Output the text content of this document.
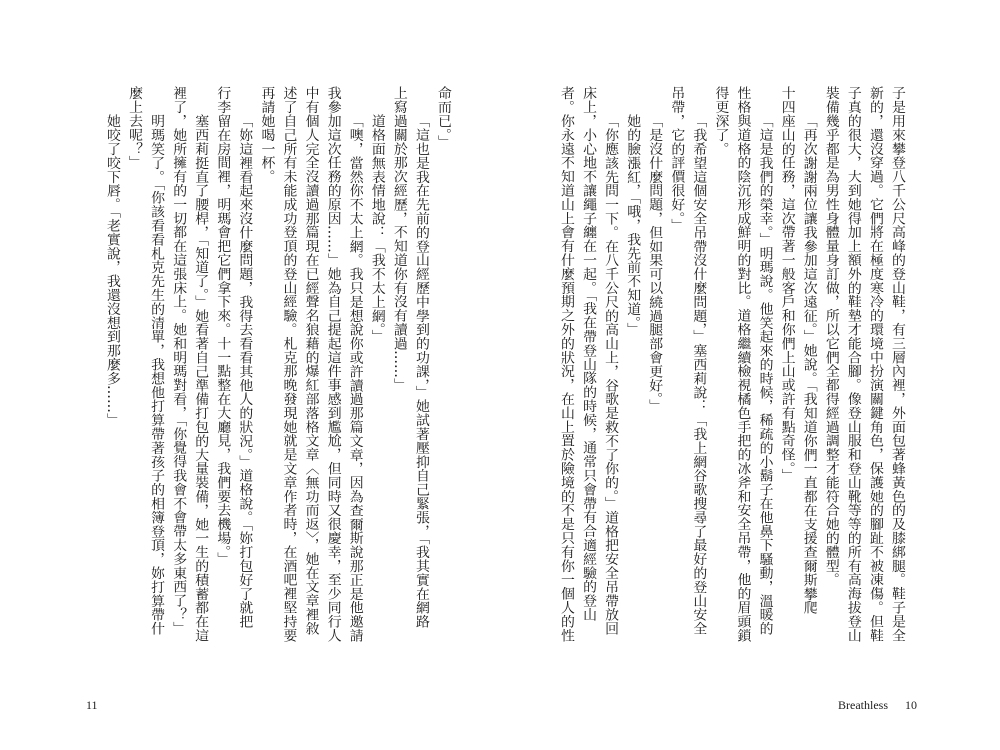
11
命而已。」
「這也是我在先前的登山經歷中學到的功課，」她試著壓抑自己緊張，「我其實在網路
上寫過關於那次經歷，不知道你有沒有讀過……」
道格面無表情地說：「我不太上網。」
「噢，當然你不太上網。我只是想說你或許讀過那篇文章，因為查爾斯說那正是他邀請
我參加這次任務的原因……」她為自己提起這件事感到尷尬，但同時又很慶幸，至少同行人
中有個人完全沒讀過那篇現在已經聲名狼藉的爆紅部落格文章〈無功而返〉，她在文章裡敘
述了自己所有未能成功登頂的登山經驗。札克那晚發現她就是文章作者時，在酒吧裡堅持要
再請她喝一杯。
「妳這裡看起來沒什麼問題，我得去看看其他人的狀況。」道格說。「妳打包好了就把
行李留在房間裡，明瑪會把它們拿下來。十一點整在大廳見，我們要去機場。」
塞西莉挺直了腰桿，「知道了。」她看著自己準備打包的大量裝備，她一生的積蓄都在這
裡了，她所擁有的一切都在這張床上。她和明瑪對看，「你覺得我會不會帶太多東西了？」
明瑪笑了。「你該看看札克先生的清單，我想他打算帶著孩子的相簿登頂，妳打算帶什
麼上去呢？」
她咬了咬下唇。「老實說，我還沒想到那麼多……」
Breathless 10
子是用來攀登八千公尺高峰的登山鞋，有三層內裡，外面包著蜂黃色的及膝綁腿。鞋子是全
新的，還沒穿過。它們將在極度寒冷的環境中扮演關鍵角色，保護她的腳趾不被凍傷。但鞋
子真的很大，大到她得加上額外的鞋墊才能合腳。像登山服和登山靴等等的所有高海拔登山
裝備幾乎都是為男性身體量身訂做，所以它們全都得經過調整才能符合她的體型。
「再次謝謝兩位讓我參加這次遠征。」她說。「我知道你們一直都在支援查爾斯攀爬
十四座山的任務，這次帶著一般客戶和你們上山或許有點奇怪。」
「這是我們的榮幸。」明瑪說。他笑起來的時候，稀疏的小鬍子在他鼻下騷動，溫暖的
性格與道格的陰沉形成鮮明的對比。道格繼續檢視橘色手把的冰斧和安全吊帶，他的眉頭鎖
得更深了。
「我希望這個安全吊帶沒什麼問題，」塞西莉說：「我上網谷歌搜尋了最好的登山安全
吊帶，它的評價很好。」
「是沒什麼問題，但如果可以繞過腿部會更好。」
她的臉漲紅，「哦，我先前不知道。」
「你應該先問一下。在八千公尺的高山上，谷歌是救不了你的。」道格把安全吊帶放回
床上，小心地不讓繩子纏在一起。「我在帶登山隊的時候，通常只會帶有合適經驗的登山
者。你永遠不知道山上會有什麼預期之外的狀況，在山上置於險境的不是只有你一個人的性
